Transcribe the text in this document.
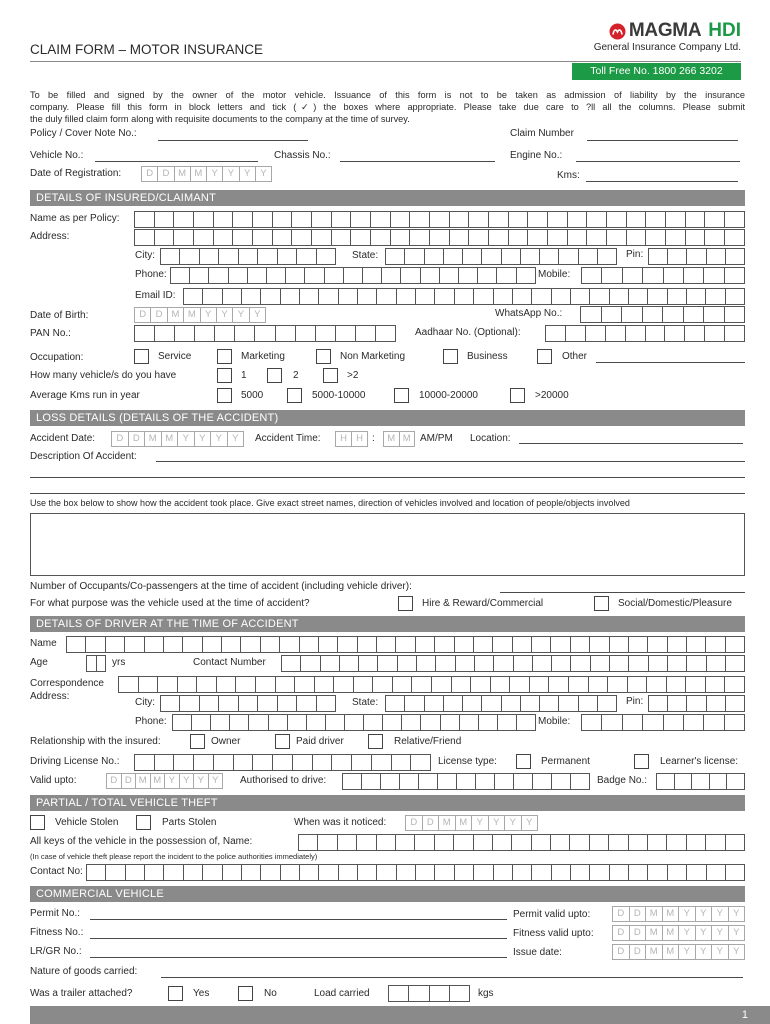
CLAIM FORM – MOTOR INSURANCE
MAGMA HDI
General Insurance Company Ltd.
Toll Free No. 1800 266 3202
To be filled and signed by the owner of the motor vehicle. Issuance of this form is not to be taken as admission of liability by the insurance
company. Please fill this form in block letters and tick (✓) the boxes where appropriate. Please take due care to ?ll all the columns. Please submit
the duly filled claim form along with requisite documents to the company at the time of survey.
Policy / Cover Note No.:	Claim Number
Vehicle No.:	Chassis No.:	Engine No.:
Date of Registration:	D D M M Y	Y	Y	Y	Kms:
DETAILS OF INSURED/CLAIMANT
Name as per Policy:
Address:
City:	State:	Pin:
Phone:	Mobile:
Email ID:
Date of Birth:	D	D M M Y	Y	Y	Y	WhatsApp No.:
PAN No.:	Aadhaar No. (Optional):
Occupation:	Service	Marketing	Non Marketing	Business	Other
How many vehicle/s do you have	1	2	>2
Average Kms run in year	5000	5000-10000	10000-20000	>20000
LOSS DETAILS (DETAILS OF THE ACCIDENT)
Accident Date:	D	D M M Y	Y	Y	Y	Accident Time:	H H :	M M AM/PM Location:
Description Of Accident:
Use the box below to show how the accident took place. Give exact street names, direction of vehicles involved and location of people/objects involved
Number of Occupants/Co-passengers at the time of accident (including vehicle driver):
For what purpose was the vehicle used at the time of accident?	Hire & Reward/Commercial	Social/Domestic/Pleasure
DETAILS OF DRIVER AT THE TIME OF ACCIDENT
Name
Age	yrs	Contact Number
Correspondence
Address:
City:	State:	Pin:
Phone:	Mobile:
Relationship with the insured:	Owner	Paid driver	Relative/Friend
Driving License No.:	License type:	Permanent	Learner's license:
Valid upto:	D D M M Y Y Y Y	Authorised to drive:	Badge No.:
PARTIAL / TOTAL VEHICLE THEFT
Vehicle Stolen	Parts Stolen	When was it noticed:	D	D M M Y	Y	Y	Y
All keys of the vehicle in the possession of, Name:
(In case of vehicle theft please report the incident to the police authorities immediately)
Contact No:
COMMERCIAL VEHICLE
Permit No.:	Permit valid upto:	D	D M M Y	Y	Y	Y
Fitness No.:	Fitness valid upto:	D	D M M Y	Y	Y	Y
LR/GR No.:	Issue date:	D	D M M Y	Y	Y	Y
Nature of goods carried:
Was a trailer attached?	Yes	No	Load carried	kgs
1
